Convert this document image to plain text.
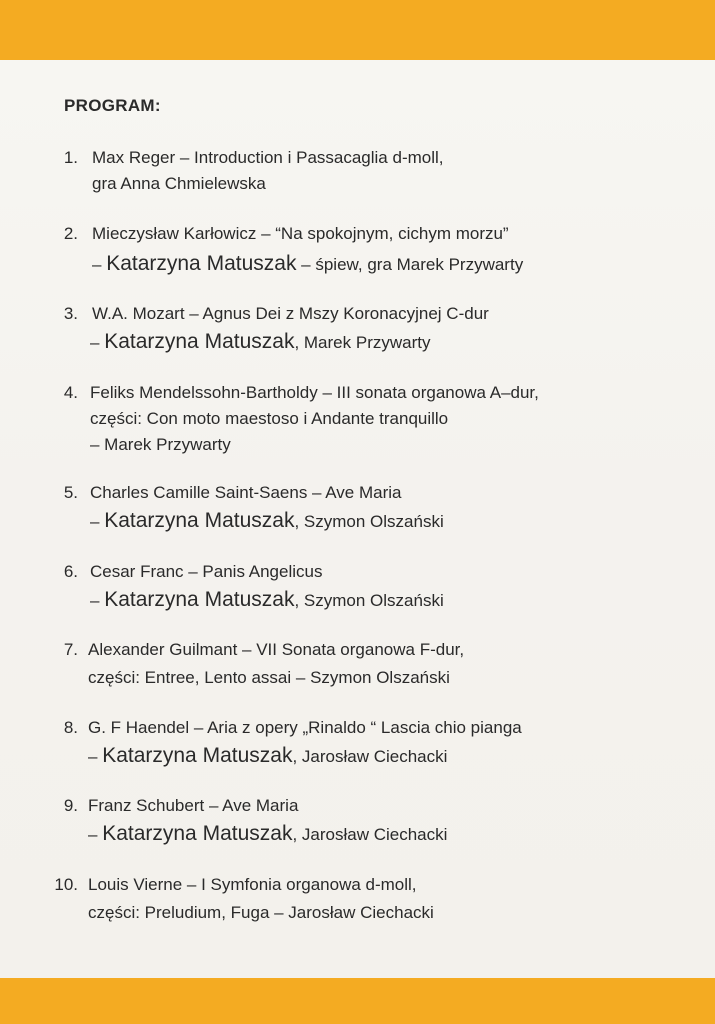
PROGRAM:
1. Max Reger – Introduction i Passacaglia d-moll,
gra Anna Chmielewska
2. Mieczysław Karłowicz – “Na spokojnym, cichym morzu”
– Katarzyna Matuszak – śpiew, gra Marek Przywarty
3. W.A. Mozart – Agnus Dei z Mszy Koronacyjnej C-dur
– Katarzyna Matuszak, Marek Przywarty
4. Feliks Mendelssohn-Bartholdy – III sonata organowa A–dur,
części: Con moto maestoso i Andante tranquillo
– Marek Przywarty
5. Charles Camille Saint-Saens – Ave Maria
– Katarzyna Matuszak, Szymon Olszański
6. Cesar Franc – Panis Angelicus
– Katarzyna Matuszak, Szymon Olszański
7. Alexander Guilmant – VII Sonata organowa F-dur,
części: Entree, Lento assai – Szymon Olszański
8. G. F Haendel – Aria z opery „Rinaldo “ Lascia chio pianga
– Katarzyna Matuszak, Jarosław Ciechacki
9. Franz Schubert – Ave Maria
– Katarzyna Matuszak, Jarosław Ciechacki
10. Louis Vierne – I Symfonia organowa d-moll,
części: Preludium, Fuga – Jarosław Ciechacki
